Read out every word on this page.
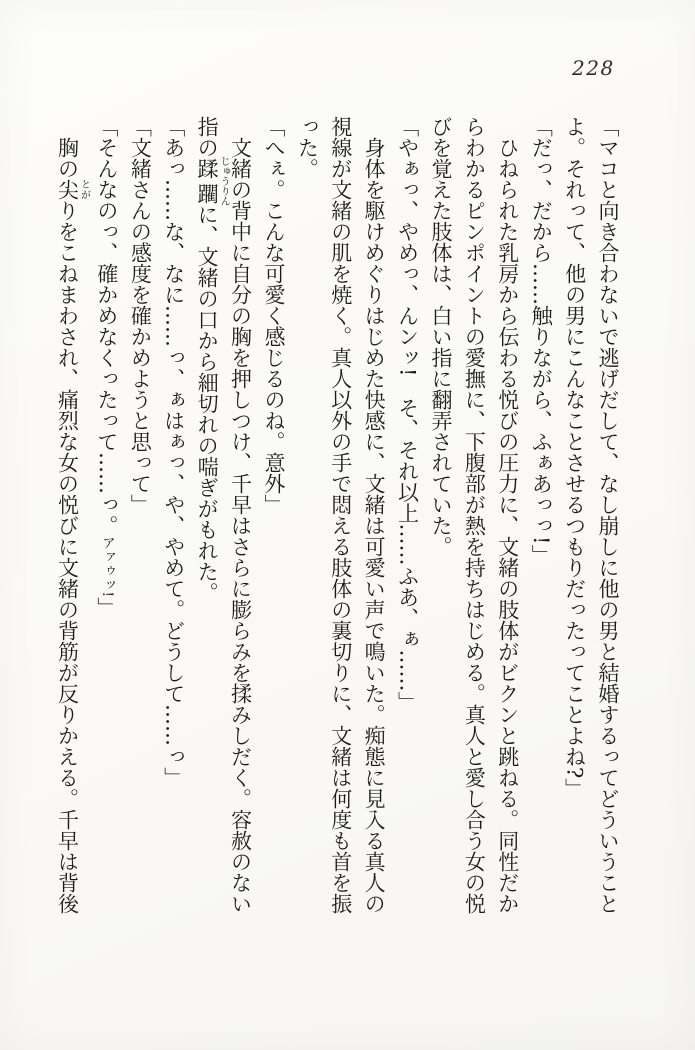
228

「マコと向き合わないで逃げだして、なし崩しに他の男と結婚するってどういうことよ。それって、他の男にこんなことさせるつもりだったってことよね?」

「だっ、だから……触りながら、ふぁあっっ!」

ひねられた乳房から伝わる悦びの圧力に、文緒の肢体がビクンと跳ねる。同性だからわかるピンポイントの愛撫に、下腹部が熱を持ちはじめる。真人と愛し合う女の悦びを覚えた肢体は、白い指に翻弄されていた。

「やぁっ、やめっ、んンッ!　そ、それ以上……ふあ、ぁ……」

身体を駆けめぐりはじめた快感に、文緒は可愛い声で鳴いた。痴態に見入る真人の視線が文緒の肌を焼く。真人以外の手で悶える肢体の裏切りに、文緒は何度も首を振った。

「へぇ。こんな可愛く感じるのね。意外」

文緒の背中に自分の胸を押しつけ、千早はさらに膨らみを揉みしだく。容赦のない指の蹂躙 じゅうりんに、文緒の口から細切れの喘ぎがもれた。

「あっ……な、なに……っ、ぁはぁっ、や、やめて。どうして……っ」

「文緒さんの感度を確かめようと思って」

「そんなのっ、確かめなくったって……っ。アァゥッ!」

胸の尖 とがりをこねまわされ、痛烈な女の悦びに文緒の背筋が反りかえる。千早は背後
